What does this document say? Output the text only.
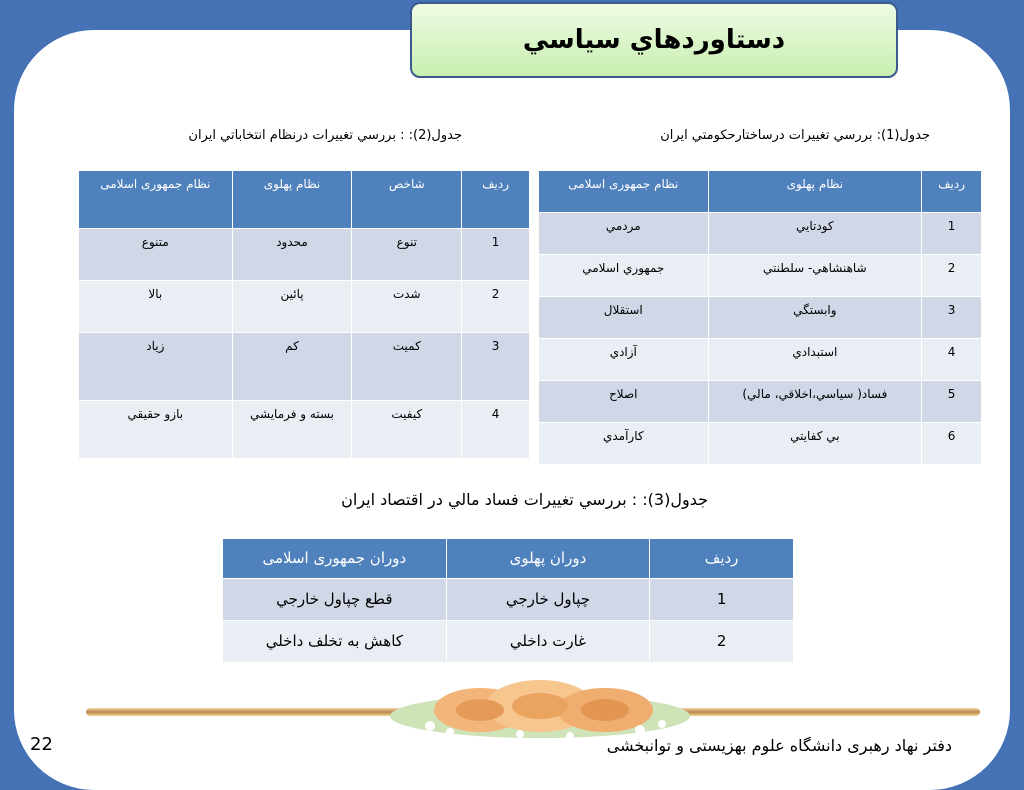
دستاوردهاي سياسي
جدول(1): بررسي تغييرات درساختارحكومتي ايران
رديف	نظام پهلوی	نظام جمهوری اسلامی
1	كودتايي	مردمي
2	شاهنشاهي- سلطنتي	جمهوري اسلامي
3	وابستگي	استقلال
4	استبدادي	آزادي
5	فساد( سياسي،اخلاقي، مالي)	اصلاح
6	بي كفايتي	كارآمدي
جدول(2): : بررسي تغييرات درنظام انتخاباتي ايران
رديف	شاخص	نظام پهلوی	نظام جمهوری اسلامی
1	تنوع	محدود	متنوع
2	شدت	پائين	بالا
3	كميت	كم	زياد
4	كيفيت	بسته و فرمايشي	بازو حقيقي
جدول(3): : بررسي تغييرات فساد مالي در اقتصاد ايران
رديف	دوران پهلوی	دوران جمهوری اسلامی
1	چپاول خارجي	قطع چپاول خارجي
2	غارت داخلي	كاهش به تخلف داخلي
دفتر نهاد رهبری دانشگاه علوم بهزیستی و توانبخشی
22
